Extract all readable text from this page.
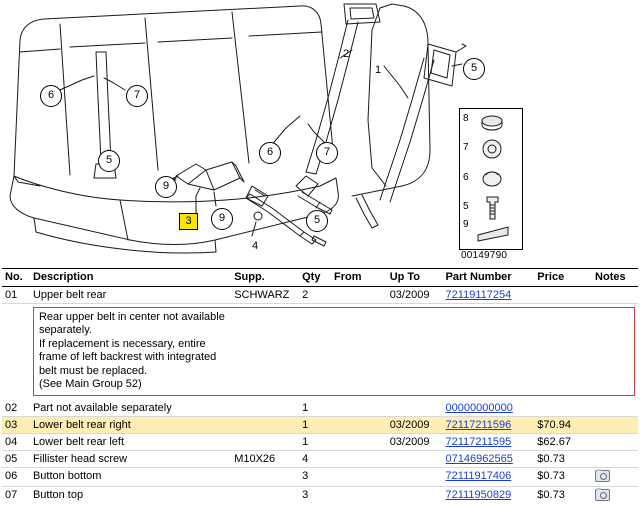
6	7
5
9
3	9
4
6	7
5
2
1	5
8
7
6
5
9
00149790
No.	Description	Supp.	Qty	From	Up To	Part Number	Price	Notes
01	Upper belt rear	SCHWARZ	2		03/2009	72119117254		

Rear upper belt in center not available
separately.
If replacement is necessary, entire
frame of left backrest with integrated
belt must be replaced.
(See Main Group 52)

02	Part not available separately		1			00000000000		
03	Lower belt rear right		1		03/2009	72117211596	$70.94	
04	Lower belt rear left		1		03/2009	72117211595	$62.67	
05	Fillister head screw	M10X26	4			07146962565	$0.73	
06	Button bottom		3			72111917406	$0.73	
07	Button top		3			72111950829	$0.73	
